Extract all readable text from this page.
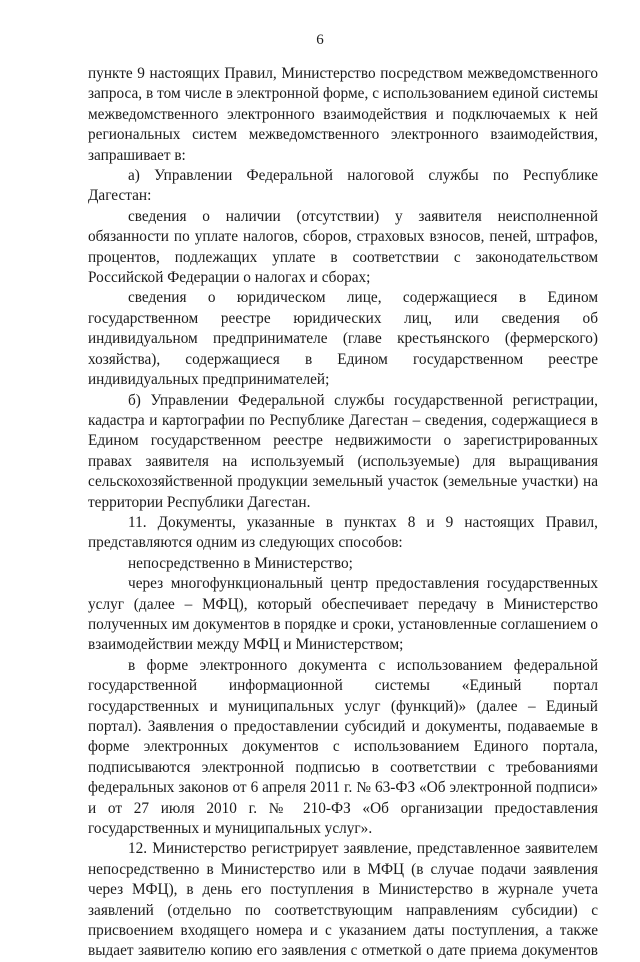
6

пункте 9 настоящих Правил, Министерство посредством межведомственного запроса, в том числе в электронной форме, с использованием единой системы межведомственного электронного взаимодействия и подключаемых к ней региональных систем межведомственного электронного взаимодействия, запрашивает в:

а) Управлении Федеральной налоговой службы по Республике Дагестан:

сведения о наличии (отсутствии) у заявителя неисполненной обязанности по уплате налогов, сборов, страховых взносов, пеней, штрафов, процентов, подлежащих уплате в соответствии с законодательством Российской Федерации о налогах и сборах;

сведения о юридическом лице, содержащиеся в Едином государственном реестре юридических лиц, или сведения об индивидуальном предпринимателе (главе крестьянского (фермерского) хозяйства), содержащиеся в Едином государственном реестре индивидуальных предпринимателей;

б) Управлении Федеральной службы государственной регистрации, кадастра и картографии по Республике Дагестан – сведения, содержащиеся в Едином государственном реестре недвижимости о зарегистрированных правах заявителя на используемый (используемые) для выращивания сельскохозяйственной продукции земельный участок (земельные участки) на территории Республики Дагестан.

11. Документы, указанные в пунктах 8 и 9 настоящих Правил, представляются одним из следующих способов:

непосредственно в Министерство;

через многофункциональный центр предоставления государственных услуг (далее – МФЦ), который обеспечивает передачу в Министерство полученных им документов в порядке и сроки, установленные соглашением о взаимодействии между МФЦ и Министерством;

в форме электронного документа с использованием федеральной государственной информационной системы «Единый портал государственных и муниципальных услуг (функций)» (далее – Единый портал). Заявления о предоставлении субсидий и документы, подаваемые в форме электронных документов с использованием Единого портала, подписываются электронной подписью в соответствии с требованиями федеральных законов от 6 апреля 2011 г. № 63-ФЗ «Об электронной подписи» и от 27 июля 2010 г. № 210-ФЗ «Об организации предоставления государственных и муниципальных услуг».

12. Министерство регистрирует заявление, представленное заявителем непосредственно в Министерство или в МФЦ (в случае подачи заявления через МФЦ), в день его поступления в Министерство в журнале учета заявлений (отдельно по соответствующим направлениям субсидии) с присвоением входящего номера и с указанием даты поступления, а также выдает заявителю копию его заявления с отметкой о дате приема документов
